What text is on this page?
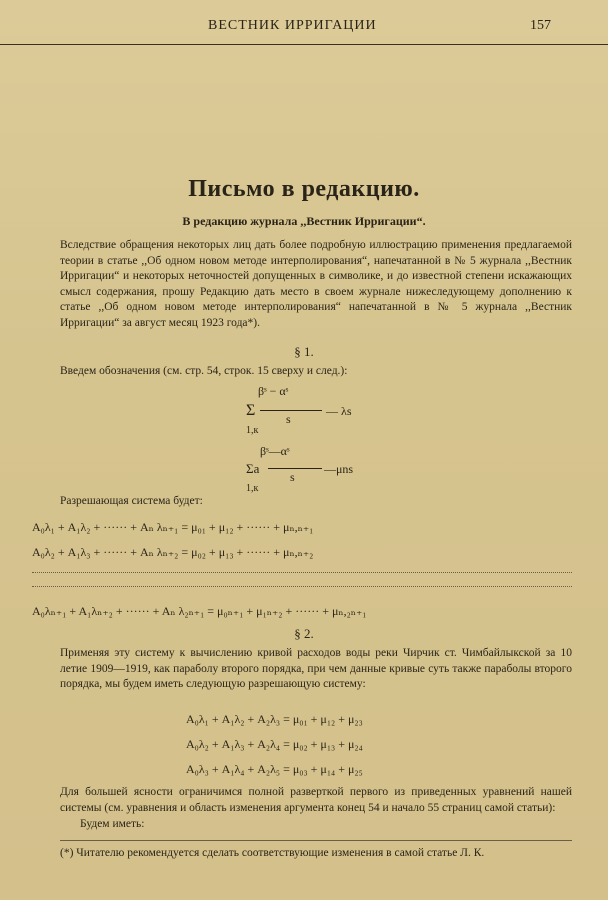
ВЕСТНИК ИРРИГАЦИИ	157
Письмо в редакцию.
В редакцию журнала ,,Вестник Ирригации“.
Вследствие обращения некоторых лиц дать более подробную иллюстрацию применения предлагаемой теории в статье ,,Об одном новом методе интерполирования“, напечатанной в № 5 журнала ,,Вестник Ирригации“ и некоторых неточностей допущенных в символике, и до известной степени искажающих смысл содержания, прошу Редакцию дать место в своем журнале нижеследующему дополнению к статье ,,Об одном новом методе интерполирования“ напечатанной в № 5 журнала ,,Вестник Ирригации“ за август месяц 1923 года*).
§ 1.
Введем обозначения (см. стр. 54, строк. 15 сверху и след.):
βˢ − αˢ
Σ	s
— λs
1,к
βˢ—αˢ
Σa
s
—μns
1,к
Разрешающая система будет:
A₀λ₁ + A₁λ₂ + ······ + Aₙ λₙ₊₁ = μ₀₁ + μ₁₂ + ······ + μₙ,ₙ₊₁
A₀λ₂ + A₁λ₃ + ······ + Aₙ λₙ₊₂ = μ₀₂ + μ₁₃ + ······ + μₙ,ₙ₊₂
A₀λₙ₊₁ + A₁λₙ₊₂ + ······ + Aₙ λ₂ₙ₊₁ = μ₀ₙ₊₁ + μ₁ₙ₊₂ + ······ + μₙ,₂ₙ₊₁
§ 2.
Применяя эту систему к вычислению кривой расходов воды реки Чирчик ст. Чимбайлыкской за 10 летие 1909—1919, как параболу второго порядка, при чем данные кривые суть также параболы второго порядка, мы будем иметь следующую разрешающую систему:
A₀λ₁ + A₁λ₂ + A₂λ₃ = μ₀₁ + μ₁₂ + μ₂₃
A₀λ₂ + A₁λ₃ + A₂λ₄ = μ₀₂ + μ₁₃ + μ₂₄
A₀λ₃ + A₁λ₄ + A₂λ₅ = μ₀₃ + μ₁₄ + μ₂₅
Для большей ясности ограничимся полной разверткой первого из приведенных уравнений нашей системы (см. уравнения и область изменения аргумента конец 54 и начало 55 страниц самой статьи):
Будем иметь:
(*) Читателю рекомендуется сделать соответствующие изменения в самой статье Л. К.
